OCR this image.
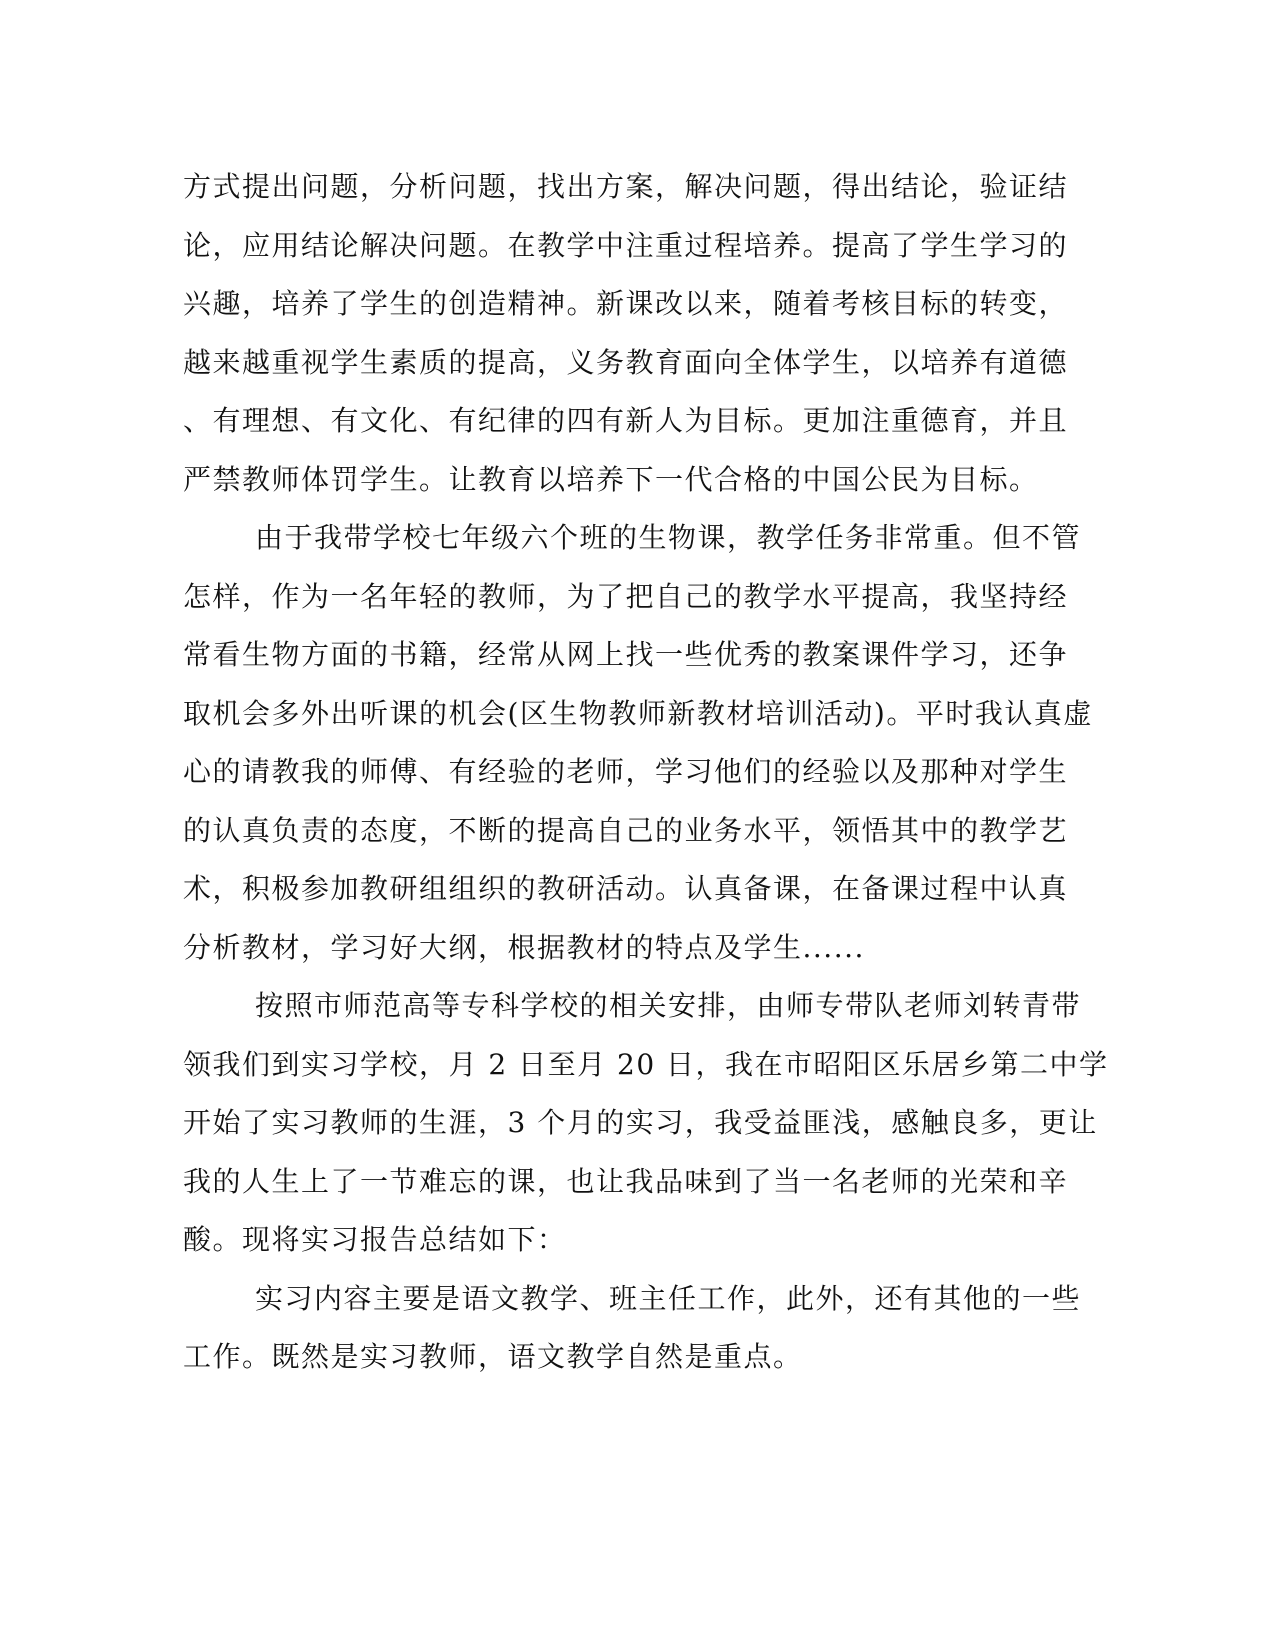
方式提出问题，分析问题，找出方案，解决问题，得出结论，验证结
论，应用结论解决问题。在教学中注重过程培养。提高了学生学习的
兴趣，培养了学生的创造精神。新课改以来，随着考核目标的转变，
越来越重视学生素质的提高，义务教育面向全体学生，以培养有道德
、有理想、有文化、有纪律的四有新人为目标。更加注重德育，并且
严禁教师体罚学生。让教育以培养下一代合格的中国公民为目标。
由于我带学校七年级六个班的生物课，教学任务非常重。但不管
怎样，作为一名年轻的教师，为了把自己的教学水平提高，我坚持经
常看生物方面的书籍，经常从网上找一些优秀的教案课件学习，还争
取机会多外出听课的机会(区生物教师新教材培训活动)。平时我认真虚
心的请教我的师傅、有经验的老师，学习他们的经验以及那种对学生
的认真负责的态度，不断的提高自己的业务水平，领悟其中的教学艺
术，积极参加教研组组织的教研活动。认真备课，在备课过程中认真
分析教材，学习好大纲，根据教材的特点及学生......
按照市师范高等专科学校的相关安排，由师专带队老师刘转青带
领我们到实习学校，月 2 日至月 20 日，我在市昭阳区乐居乡第二中学
开始了实习教师的生涯，3 个月的实习，我受益匪浅，感触良多，更让
我的人生上了一节难忘的课，也让我品味到了当一名老师的光荣和辛
酸。现将实习报告总结如下：
实习内容主要是语文教学、班主任工作，此外，还有其他的一些
工作。既然是实习教师，语文教学自然是重点。
